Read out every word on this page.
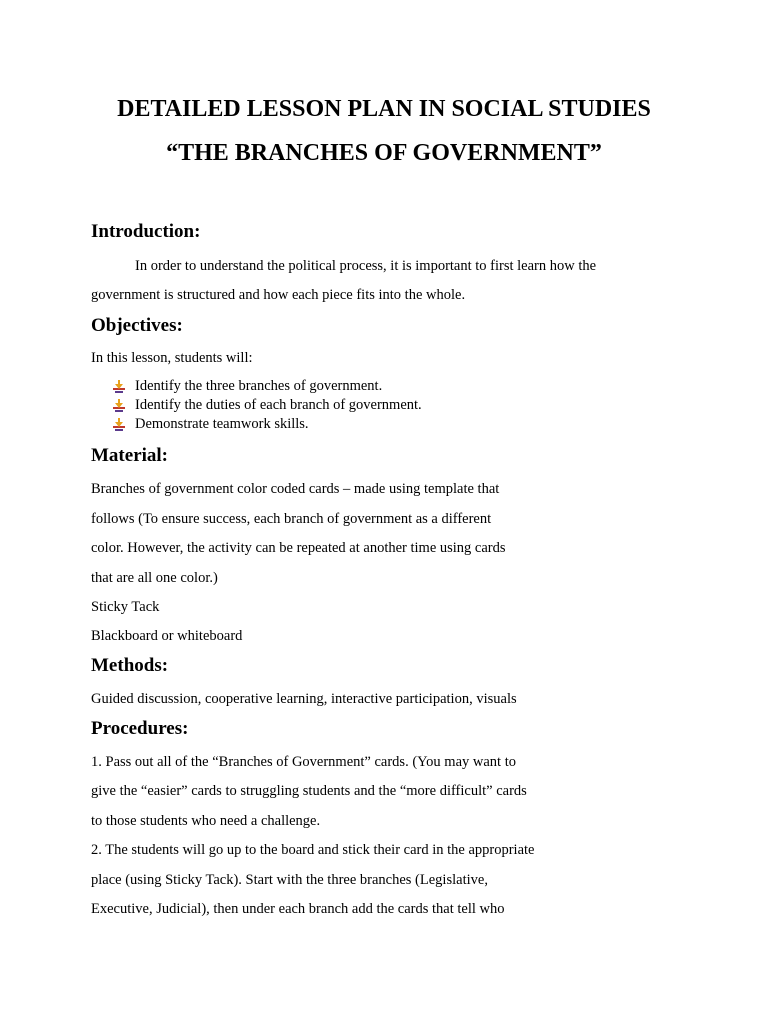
DETAILED LESSON PLAN IN SOCIAL STUDIES
“THE BRANCHES OF GOVERNMENT”
Introduction:
In order to understand the political process, it is important to first learn how the
government is structured and how each piece fits into the whole.
Objectives:
In this lesson, students will:
Identify the three branches of government.
Identify the duties of each branch of government.
Demonstrate teamwork skills.
Material:
Branches of government color coded cards – made using template that
follows (To ensure success, each branch of government as a different
color. However, the activity can be repeated at another time using cards
that are all one color.)
Sticky Tack
Blackboard or whiteboard
Methods:
Guided discussion, cooperative learning, interactive participation, visuals
Procedures:
1. Pass out all of the “Branches of Government” cards. (You may want to
give the “easier” cards to struggling students and the “more difficult” cards
to those students who need a challenge.
2. The students will go up to the board and stick their card in the appropriate
place (using Sticky Tack). Start with the three branches (Legislative,
Executive, Judicial), then under each branch add the cards that tell who
